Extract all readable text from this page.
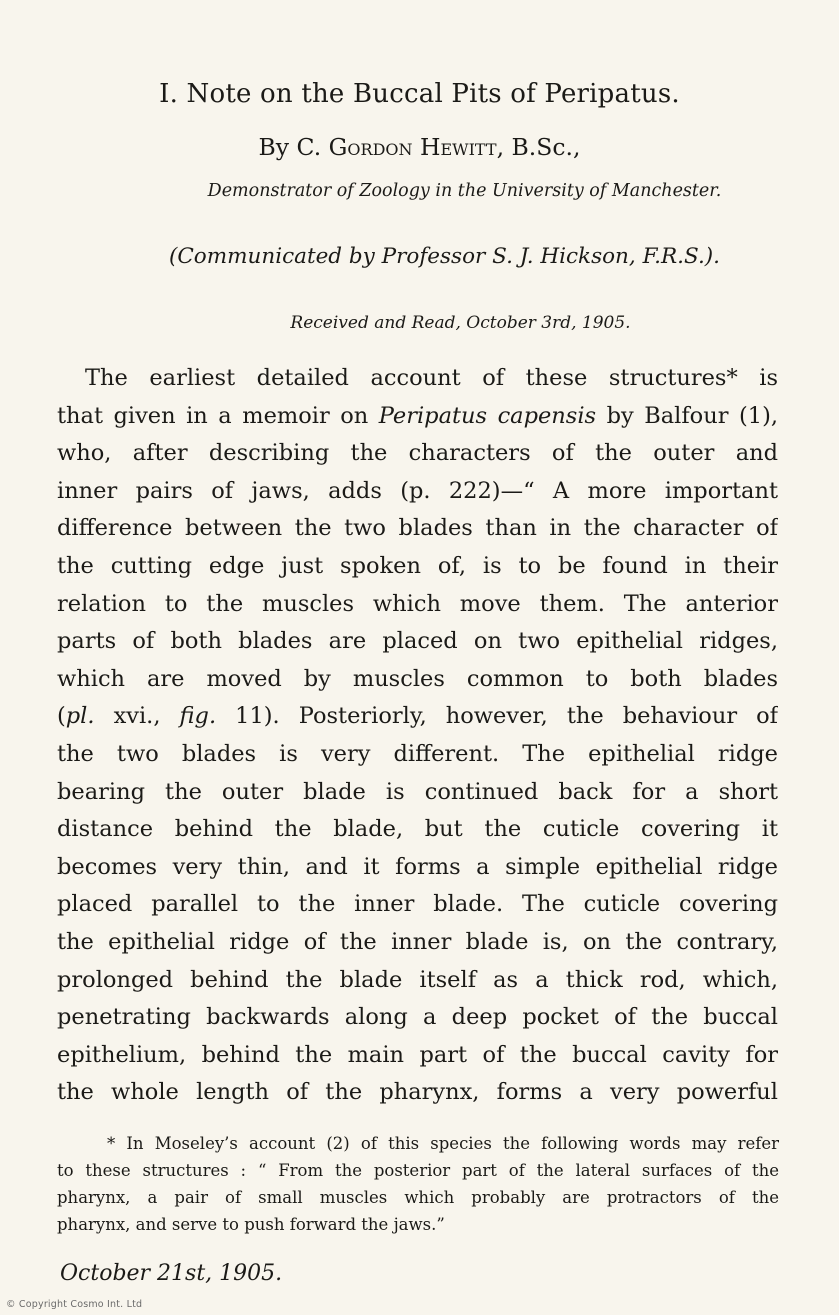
I. Note on the Buccal Pits of Peripatus.
By C. Gordon Hewitt, B.Sc.,
Demonstrator of Zoology in the University of Manchester.
(Communicated by Professor S. J. Hickson, F.R.S.).
Received and Read, October 3rd, 1905.
The earliest detailed account of these structures* is
that given in a memoir on Peripatus capensis by Balfour (1),
who, after describing the characters of the outer and
inner pairs of jaws, adds (p. 222)—“ A more important
difference between the two blades than in the character of
the cutting edge just spoken of, is to be found in their
relation to the muscles which move them. The anterior
parts of both blades are placed on two epithelial ridges,
which are moved by muscles common to both blades
(pl. xvi., fig. 11). Posteriorly, however, the behaviour of
the two blades is very different. The epithelial ridge
bearing the outer blade is continued back for a short
distance behind the blade, but the cuticle covering it
becomes very thin, and it forms a simple epithelial ridge
placed parallel to the inner blade. The cuticle covering
the epithelial ridge of the inner blade is, on the contrary,
prolonged behind the blade itself as a thick rod, which,
penetrating backwards along a deep pocket of the buccal
epithelium, behind the main part of the buccal cavity for
the whole length of the pharynx, forms a very powerful
* In Moseley’s account (2) of this species the following words may refer
to these structures : “ From the posterior part of the lateral surfaces of the
pharynx, a pair of small muscles which probably are protractors of the
pharynx, and serve to push forward the jaws.”
October 21st, 1905.
© Copyright Cosmo Int. Ltd
